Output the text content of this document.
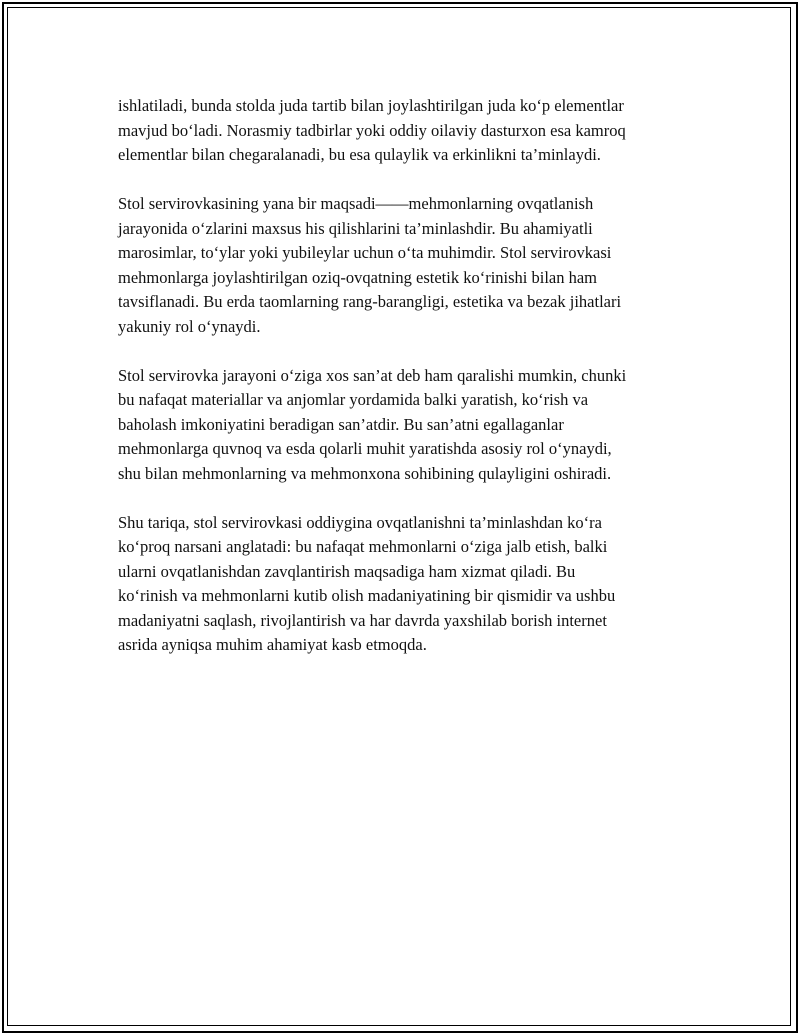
ishlatiladi, bunda stolda juda tartib bilan joylashtirilgan juda ko‘p elementlar
mavjud bo‘ladi. Norasmiy tadbirlar yoki oddiy oilaviy dasturxon esa kamroq
elementlar bilan chegaralanadi, bu esa qulaylik va erkinlikni ta’minlaydi.

Stol servirovkasining yana bir maqsadi——mehmonlarning ovqatlanish
jarayonida o‘zlarini maxsus his qilishlarini ta’minlashdir. Bu ahamiyatli
marosimlar, to‘ylar yoki yubileylar uchun o‘ta muhimdir. Stol servirovkasi
mehmonlarga joylashtirilgan oziq-ovqatning estetik ko‘rinishi bilan ham
tavsiflanadi. Bu erda taomlarning rang-barangligi, estetika va bezak jihatlari
yakuniy rol o‘ynaydi.

Stol servirovka jarayoni o‘ziga xos san’at deb ham qaralishi mumkin, chunki
bu nafaqat materiallar va anjomlar yordamida balki yaratish, ko‘rish va
baholash imkoniyatini beradigan san’atdir. Bu san’atni egallaganlar
mehmonlarga quvnoq va esda qolarli muhit yaratishda asosiy rol o‘ynaydi,
shu bilan mehmonlarning va mehmonxona sohibining qulayligini oshiradi.

Shu tariqa, stol servirovkasi oddiygina ovqatlanishni ta’minlashdan ko‘ra
ko‘proq narsani anglatadi: bu nafaqat mehmonlarni o‘ziga jalb etish, balki
ularni ovqatlanishdan zavqlantirish maqsadiga ham xizmat qiladi. Bu
ko‘rinish va mehmonlarni kutib olish madaniyatining bir qismidir va ushbu
madaniyatni saqlash, rivojlantirish va har davrda yaxshilab borish internet
asrida ayniqsa muhim ahamiyat kasb etmoqda.
